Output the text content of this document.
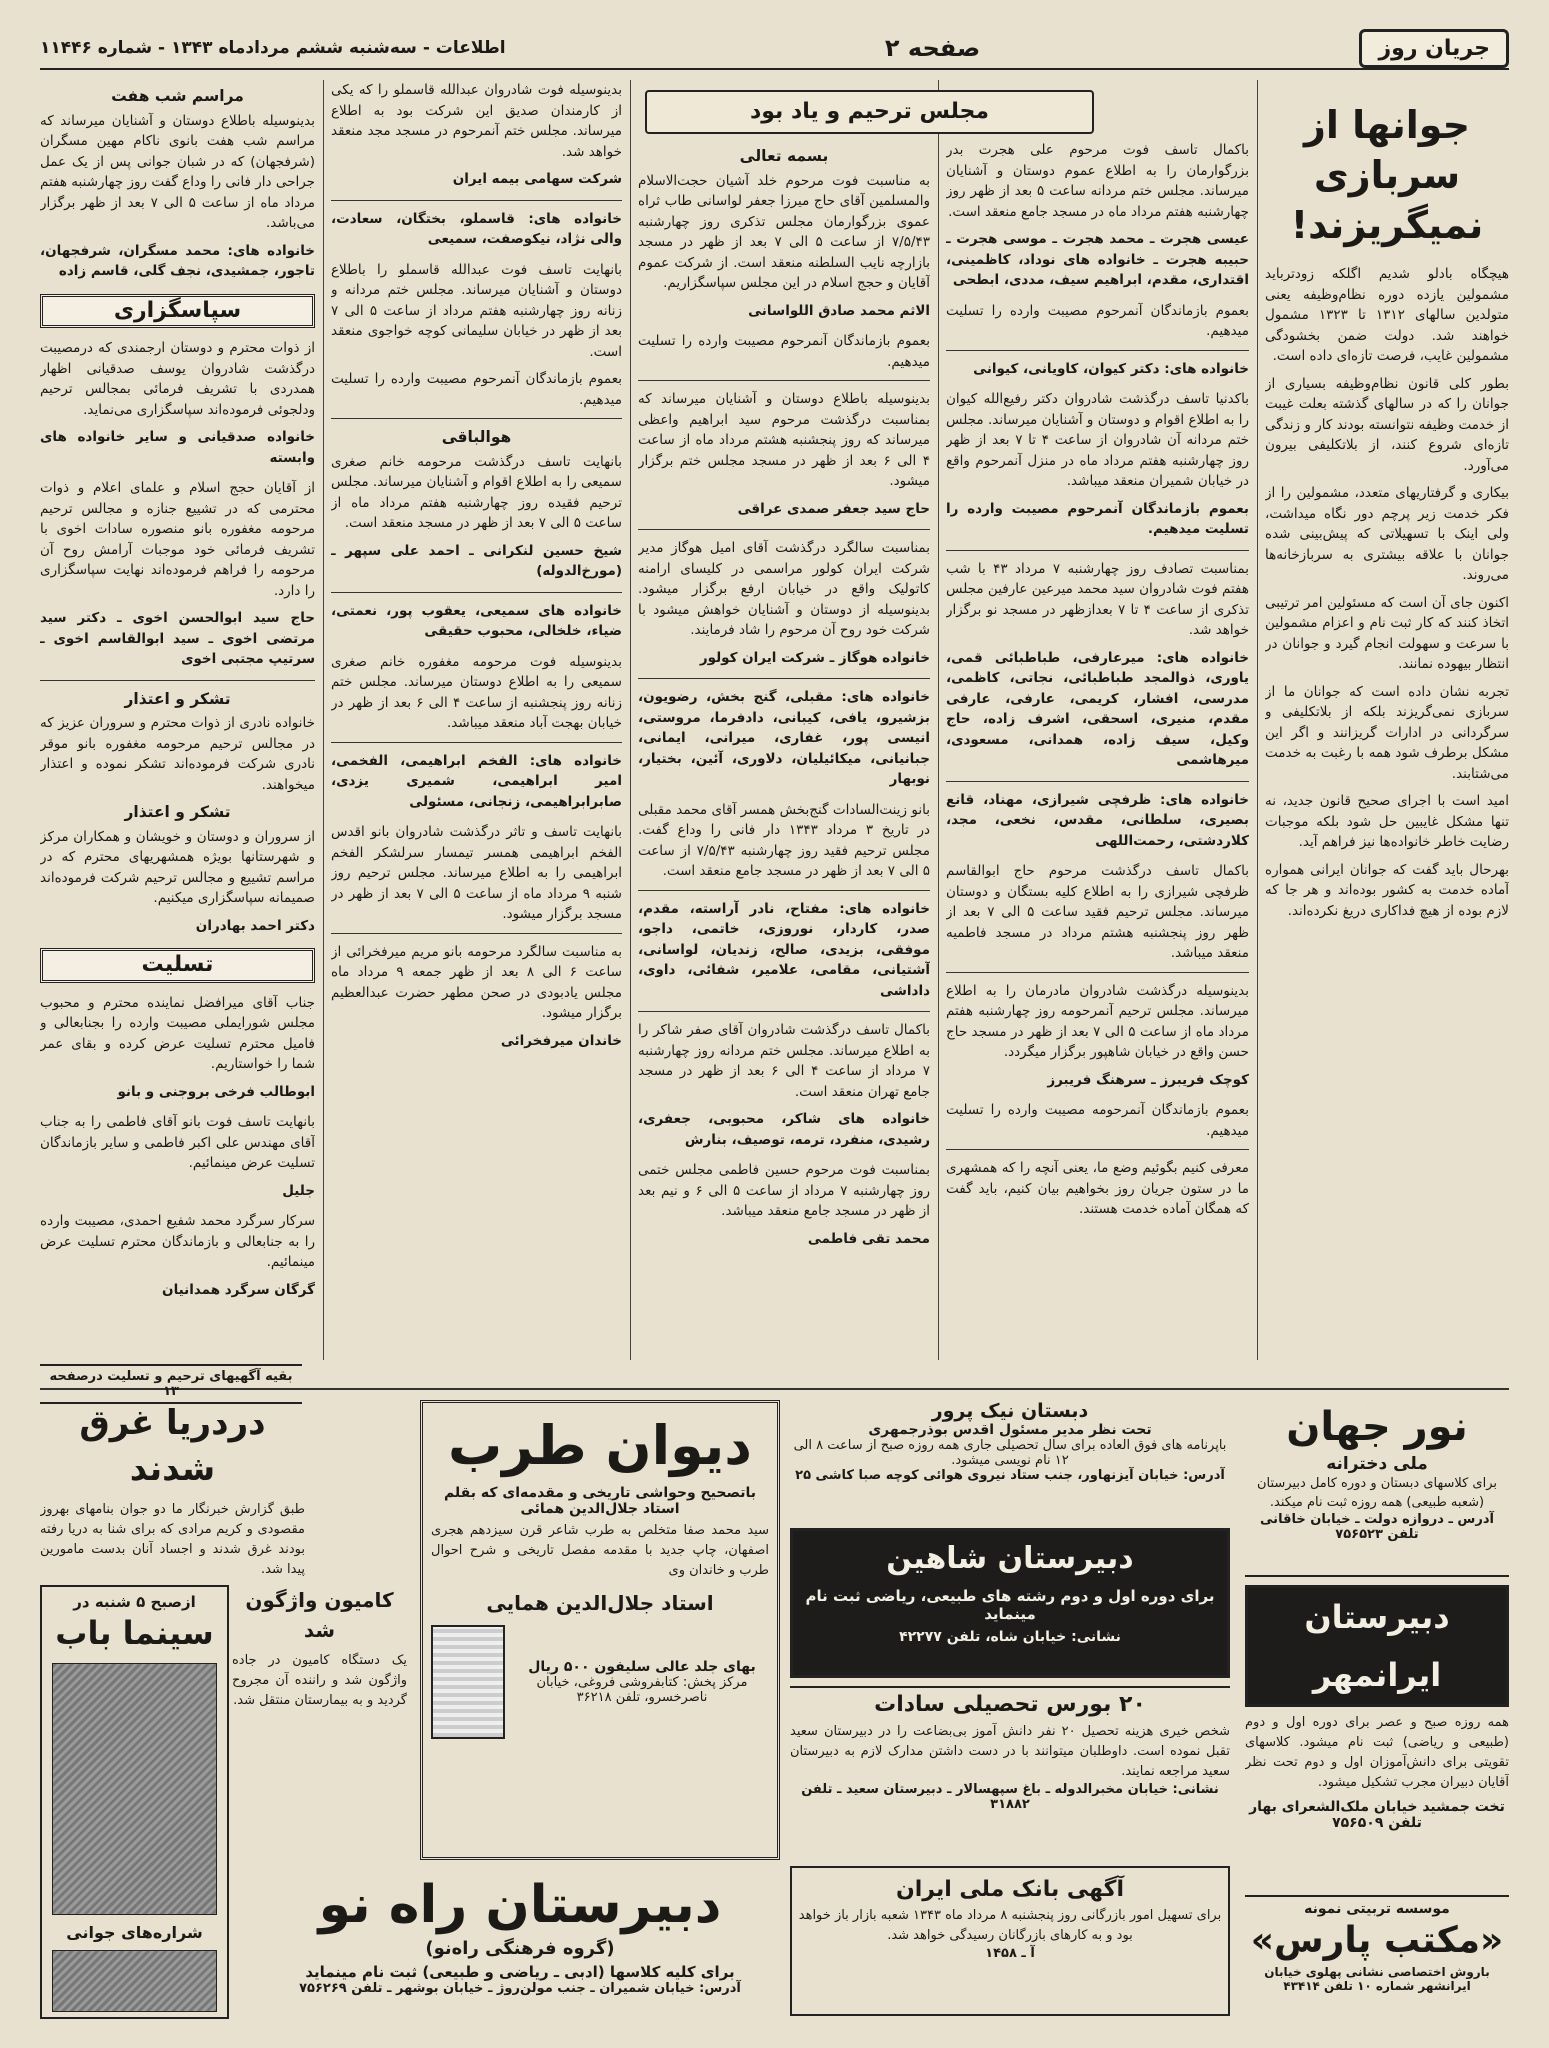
جریان روز
صفحه ۲
اطلاعات - سه‌شنبه ششم مردادماه ۱۳۴۳ - شماره ۱۱۴۴۶
مجلس ترحیم و یاد بود	جوانها از سربازی نمیگریزند!

هیچگاه بادلو شدیم اگلکه زودترباید مشمولین یازده دوره نظام‌وظیفه یعنی متولدین سالهای ۱۳۱۲ تا ۱۳۲۳ مشمول خواهند شد. دولت ضمن بخشودگی مشمولین غایب، فرصت تازه‌ای داده است.

بطور کلی قانون نظام‌وظیفه بسیاری از جوانان را که در سالهای گذشته بعلت غیبت از خدمت وظیفه نتوانسته بودند کار و زندگی تازه‌ای شروع کنند، از بلاتکلیفی بیرون می‌آورد.

بیکاری و گرفتاریهای متعدد، مشمولین را از فکر خدمت زیر پرچم دور نگاه میداشت، ولی اینک با تسهیلاتی که پیش‌بینی شده جوانان با علاقه بیشتری به سربازخانه‌ها می‌روند.

اکنون جای آن است که مسئولین امر ترتیبی اتخاذ کنند که کار ثبت نام و اعزام مشمولین با سرعت و سهولت انجام گیرد و جوانان در انتظار بیهوده نمانند.

تجربه نشان داده است که جوانان ما از سربازی نمی‌گریزند بلکه از بلاتکلیفی و سرگردانی در ادارات گریزانند و اگر این مشکل برطرف شود همه با رغبت به خدمت می‌شتابند.

امید است با اجرای صحیح قانون جدید، نه تنها مشکل غایبین حل شود بلکه موجبات رضایت خاطر خانواده‌ها نیز فراهم آید.

بهرحال باید گفت که جوانان ایرانی همواره آماده خدمت به کشور بوده‌اند و هر جا که لازم بوده از هیچ فداکاری دریغ نکرده‌اند.

باکمال تاسف فوت مرحوم علی هجرت بدر بزرگوارمان را به اطلاع عموم دوستان و آشنایان میرساند. مجلس ختم مردانه ساعت ۵ بعد از ظهر روز چهارشنبه هفتم مرداد ماه در مسجد جامع منعقد است.

عیسی هجرت ـ محمد هجرت ـ موسی هجرت ـ حبیبه هجرت ـ خانواده های نوداد، کاظمینی، اقتداری، مقدم، ابراهیم سیف، مددی، ابطحی

بعموم بازماندگان آنمرحوم مصیبت وارده را تسلیت میدهیم.

خانواده های: دکتر کیوان، کاویانی، کیوانی

باکدنیا تاسف درگذشت شادروان دکتر رفیع‌الله کیوان را به اطلاع اقوام و دوستان و آشنایان میرساند. مجلس ختم مردانه آن شادروان از ساعت ۴ تا ۷ بعد از ظهر روز چهارشنبه هفتم مرداد ماه در منزل آنمرحوم واقع در خیابان شمیران منعقد میباشد.

بعموم بازماندگان آنمرحوم مصیبت وارده را تسلیت میدهیم.

بمناسبت تصادف روز چهارشنبه ۷ مرداد ۴۳ با شب هفتم فوت شادروان سید محمد میرعین عارفین مجلس تذکری از ساعت ۴ تا ۷ بعدازظهر در مسجد نو برگزار خواهد شد.

خانواده های: میرعارفی، طباطبائی قمی، یاوری، ذوالمجد طباطبائی، نجاتی، کاظمی، مدرسی، افشار، کریمی، عارفی، عارفی مقدم، منیری، اسحقی، اشرف زاده، حاج وکیل، سیف زاده، همدانی، مسعودی، میرهاشمی
خانواده های: ظرفچی شیرازی، مهناد، قانع بصیری، سلطانی، مقدس، نخعی، مجد، کلاردشتی، رحمت‌اللهی

باکمال تاسف درگذشت مرحوم حاج ابوالقاسم ظرفچی شیرازی را به اطلاع کلیه بستگان و دوستان میرساند. مجلس ترحیم فقید ساعت ۵ الی ۷ بعد از ظهر روز پنجشنبه هشتم مرداد در مسجد فاطمیه منعقد میباشد.

بدینوسیله درگذشت شادروان مادرمان را به اطلاع میرساند. مجلس ترحیم آنمرحومه روز چهارشنبه هفتم مرداد ماه از ساعت ۵ الی ۷ بعد از ظهر در مسجد حاج حسن واقع در خیابان شاهپور برگزار میگردد.

کوچک فریبرز ـ سرهنگ فریبرز

بعموم بازماندگان آنمرحومه مصیبت وارده را تسلیت میدهیم.

معرفی کنیم بگوئیم وضع ما، یعنی آنچه را که همشهری ما در ستون جریان روز بخواهیم بیان کنیم، باید گفت که همگان آماده خدمت هستند.

بسمه تعالی

به مناسبت فوت مرحوم خلد آشیان حجت‌الاسلام والمسلمین آقای حاج میرزا جعفر لواسانی طاب ثراه عموی بزرگوارمان مجلس تذکری روز چهارشنبه ۷/۵/۴۳ از ساعت ۵ الی ۷ بعد از ظهر در مسجد بازارچه نایب السلطنه منعقد است. از شرکت عموم آقایان و حجج اسلام در این مجلس سپاسگزاریم.

الاثم محمد صادق اللواسانی

بعموم بازماندگان آنمرحوم مصیبت وارده را تسلیت میدهیم.

بدینوسیله باطلاع دوستان و آشنایان میرساند که بمناسبت درگذشت مرحوم سید ابراهیم واعظی میرساند که روز پنجشنبه هشتم مرداد ماه از ساعت ۴ الی ۶ بعد از ظهر در مسجد مجلس ختم برگزار میشود.

حاج سید جعفر صمدی عراقی

بمناسبت سالگرد درگذشت آقای امیل هوگاز مدیر شرکت ایران کولور مراسمی در کلیسای ارامنه کاتولیک واقع در خیابان ارفع برگزار میشود. بدینوسیله از دوستان و آشنایان خواهش میشود با شرکت خود روح آن مرحوم را شاد فرمایند.

خانواده هوگاز ـ شرکت ایران کولور
خانواده های: مقبلی، گنج بخش، رضویون، بزشیرو، یافی، کیبانی، دادفرما، مروستی، انیسی پور، غفاری، میرانی، ایمانی، جبانیانی، میکائیلیان، دلاوری، آئین، بختیار، نوبهار

بانو زینت‌السادات گنج‌بخش همسر آقای محمد مقبلی در تاریخ ۳ مرداد ۱۳۴۳ دار فانی را وداع گفت. مجلس ترحیم فقید روز چهارشنبه ۷/۵/۴۳ از ساعت ۵ الی ۷ بعد از ظهر در مسجد جامع منعقد است.

خانواده های: مفتاح، نادر آراسته، مقدم، صدر، کاردار، نوروزی، خاتمی، داجو، موفقی، بزیدی، صالح، زندیان، لواسانی، آشتیانی، مقامی، علامیر، شفائی، داوی، داداشی

باکمال تاسف درگذشت شادروان آقای صفر شاکر را به اطلاع میرساند. مجلس ختم مردانه روز چهارشنبه ۷ مرداد از ساعت ۴ الی ۶ بعد از ظهر در مسجد جامع تهران منعقد است.

خانواده های شاکر، محبوبی، جعفری، رشیدی، منفرد، ترمه، توصیف، بنارش

بمناسبت فوت مرحوم حسین فاطمی مجلس ختمی روز چهارشنبه ۷ مرداد از ساعت ۵ الی ۶ و نیم بعد از ظهر در مسجد جامع منعقد میباشد.

محمد تقی فاطمی

بدینوسیله فوت شادروان عبدالله قاسملو را که یکی از کارمندان صدیق این شرکت بود به اطلاع میرساند. مجلس ختم آنمرحوم در مسجد مجد منعقد خواهد شد.

شرکت سهامی بیمه ایران
خانواده های: قاسملو، بختگان، سعادت، والی نژاد، نیکوصفت، سمیعی

بانهایت تاسف فوت عبدالله قاسملو را باطلاع دوستان و آشنایان میرساند. مجلس ختم مردانه و زنانه روز چهارشنبه هفتم مرداد از ساعت ۵ الی ۷ بعد از ظهر در خیابان سلیمانی کوچه خواجوی منعقد است.

بعموم بازماندگان آنمرحوم مصیبت وارده را تسلیت میدهیم.

هوالباقی

بانهایت تاسف درگذشت مرحومه خانم صغری سمیعی را به اطلاع اقوام و آشنایان میرساند. مجلس ترحیم فقیده روز چهارشنبه هفتم مرداد ماه از ساعت ۵ الی ۷ بعد از ظهر در مسجد منعقد است.

شیخ حسین لنکرانی ـ احمد علی سپهر ـ (مورخ‌الدوله)
خانواده های سمیعی، یعقوب پور، نعمتی، ضیاء، خلخالی، محبوب حقیقی

بدینوسیله فوت مرحومه مغفوره خانم صغری سمیعی را به اطلاع دوستان میرساند. مجلس ختم زنانه روز پنجشنبه از ساعت ۴ الی ۶ بعد از ظهر در خیابان بهجت آباد منعقد میباشد.

خانواده های: الفخم ابراهیمی، الفخمی، امیر ابراهیمی، شمیری یزدی، صابرابراهیمی، زنجانی، مسئولی

بانهایت تاسف و تاثر درگذشت شادروان بانو اقدس الفخم ابراهیمی همسر تیمسار سرلشکر الفخم ابراهیمی را به اطلاع میرساند. مجلس ترحیم روز شنبه ۹ مرداد ماه از ساعت ۵ الی ۷ بعد از ظهر در مسجد برگزار میشود.

به مناسبت سالگرد مرحومه بانو مریم میرفخرائی از ساعت ۶ الی ۸ بعد از ظهر جمعه ۹ مرداد ماه مجلس یادبودی در صحن مطهر حضرت عبدالعظیم برگزار میشود.

خاندان میرفخرائی
مراسم شب هفت

بدینوسیله باطلاع دوستان و آشنایان میرساند که مراسم شب هفت بانوی ناکام مهین مسگران (شرفجهان) که در شبان جوانی پس از یک عمل جراحی دار فانی را وداع گفت روز چهارشنبه هفتم مرداد ماه از ساعت ۵ الی ۷ بعد از ظهر برگزار می‌باشد.

خانواده های: محمد مسگران، شرفجهان، تاجور، جمشیدی، نجف گلی، قاسم زاده
سپاسگزاری

از ذوات محترم و دوستان ارجمندی که درمصیبت درگذشت شادروان یوسف صدقیانی اظهار همدردی با تشریف فرمائی بمجالس ترحیم ودلجوئی فرموده‌اند سپاسگزاری می‌نماید.

خانواده صدقیانی و سایر خانواده های وابسته

از آقایان حجج اسلام و علمای اعلام و ذوات محترمی که در تشییع جنازه و مجالس ترحیم مرحومه مغفوره بانو منصوره سادات اخوی با تشریف فرمائی خود موجبات آرامش روح آن مرحومه را فراهم فرموده‌اند نهایت سپاسگزاری را دارد.

حاج سید ابوالحسن اخوی ـ دکتر سید مرتضی اخوی ـ سید ابوالقاسم اخوی ـ سرتیپ مجتبی اخوی
تشکر و اعتذار

خانواده نادری از ذوات محترم و سروران عزیز که در مجالس ترحیم مرحومه مغفوره بانو موقر نادری شرکت فرموده‌اند تشکر نموده و اعتذار میخواهند.

تشکر و اعتذار

از سروران و دوستان و خویشان و همکاران مرکز و شهرستانها بویژه همشهریهای محترم که در مراسم تشییع و مجالس ترحیم شرکت فرموده‌اند صمیمانه سپاسگزاری میکنیم.

دکتر احمد بهادران
تسلیت

جناب آقای میرافضل نماینده محترم و محبوب مجلس شورایملی مصیبت وارده را بجنابعالی و فامیل محترم تسلیت عرض کرده و بقای عمر شما را خواستاریم.

ابوطالب فرخی بروجنی و بانو

بانهایت تاسف فوت بانو آقای فاطمی را به جناب آقای مهندس علی اکبر فاطمی و سایر بازماندگان تسلیت عرض مینمائیم.

جلیل

سرکار سرگرد محمد شفیع احمدی، مصیبت وارده را به جنابعالی و بازماندگان محترم تسلیت عرض مینمائیم.

گرگان سرگرد همدانیان
بقیه آگهیهای ترحیم و تسلیت درصفحه ۱۳
دردریا غرق شدند

طبق گزارش خبرنگار ما دو جوان بنامهای بهروز مقصودی و کریم مرادی که برای شنا به دریا رفته بودند غرق شدند و اجساد آنان بدست مامورین پیدا شد.

ازصبح ۵ شنبه در
سینما باب
شراره‌های جوانی
کامیون واژگون شد

یک دستگاه کامیون در جاده واژگون شد و راننده آن مجروح گردید و به بیمارستان منتقل شد.

دیوان طرب

باتصحیح وحواشی تاریخی و مقدمه‌ای که بقلم استاد جلال‌الدین همائی

سید محمد صفا متخلص به طرب شاعر قرن سیزدهم هجری اصفهان، چاپ جدید با مقدمه مفصل تاریخی و شرح احوال طرب و خاندان وی

استاد جلال‌الدین همایی

بهای جلد عالی سلیفون ۵۰۰ ریال

مرکز پخش: کتابفروشی فروغی، خیابان ناصرخسرو، تلفن ۳۶۲۱۸

دبیرستان راه نو
(گروه فرهنگی راه‌نو)

برای کلیه کلاسها (ادبی ـ ریاضی و طبیعی) ثبت نام مینماید

آدرس: خیابان شمیران ـ جنب مولن‌روژ ـ خیابان بوشهر ـ تلفن ۷۵۶۲۶۹

دبستان نیک پرور
تحت نظر مدیر مسئول اقدس بوذرجمهری

باپرنامه های فوق العاده برای سال تحصیلی جاری همه روزه صبح از ساعت ۸ الی ۱۲ نام نویسی میشود.

آدرس: خیابان آیزنهاور، جنب ستاد نیروی هوائی کوچه صبا کاشی ۲۵

دبیرستان شاهین

برای دوره اول و دوم رشته های طبیعی، ریاضی ثبت نام مینماید

نشانی: خیابان شاه، تلفن ۴۲۲۷۷

۲۰ بورس تحصیلی سادات

شخص خیری هزینه تحصیل ۲۰ نفر دانش آموز بی‌بضاعت را در دبیرستان سعید تقبل نموده است. داوطلبان میتوانند با در دست داشتن مدارک لازم به دبیرستان سعید مراجعه نمایند.

نشانی: خیابان مخبرالدوله ـ باغ سپهسالار ـ دبیرستان سعید ـ تلفن ۳۱۸۸۲

آگهی بانک ملی ایران

برای تسهیل امور بازرگانی روز پنجشنبه ۸ مرداد ماه ۱۳۴۳ شعبه بازار باز خواهد بود و به کارهای بازرگانان رسیدگی خواهد شد.

آ ـ ۱۴۵۸

نور جهان
ملی دخترانه

برای کلاسهای دبستان و دوره کامل دبیرستان (شعبه طبیعی) همه روزه ثبت نام میکند.

آدرس ـ دروازه دولت ـ خیابان خاقانی تلفن ۷۵۶۵۲۳

دبیرستان ایرانمهر

همه روزه صبح و عصر برای دوره اول و دوم (طبیعی و ریاضی) ثبت نام میشود. کلاسهای تقویتی برای دانش‌آموزان اول و دوم تحت نظر آقایان دبیران مجرب تشکیل میشود.

تخت جمشید خیابان ملک‌الشعرای بهار تلفن ۷۵۶۵۰۹

موسسه تربیتی نمونه
«مکتب پارس»

باروش اختصاصی نشانی پهلوی خیابان ایرانشهر شماره ۱۰ تلفن ۴۳۴۱۴
